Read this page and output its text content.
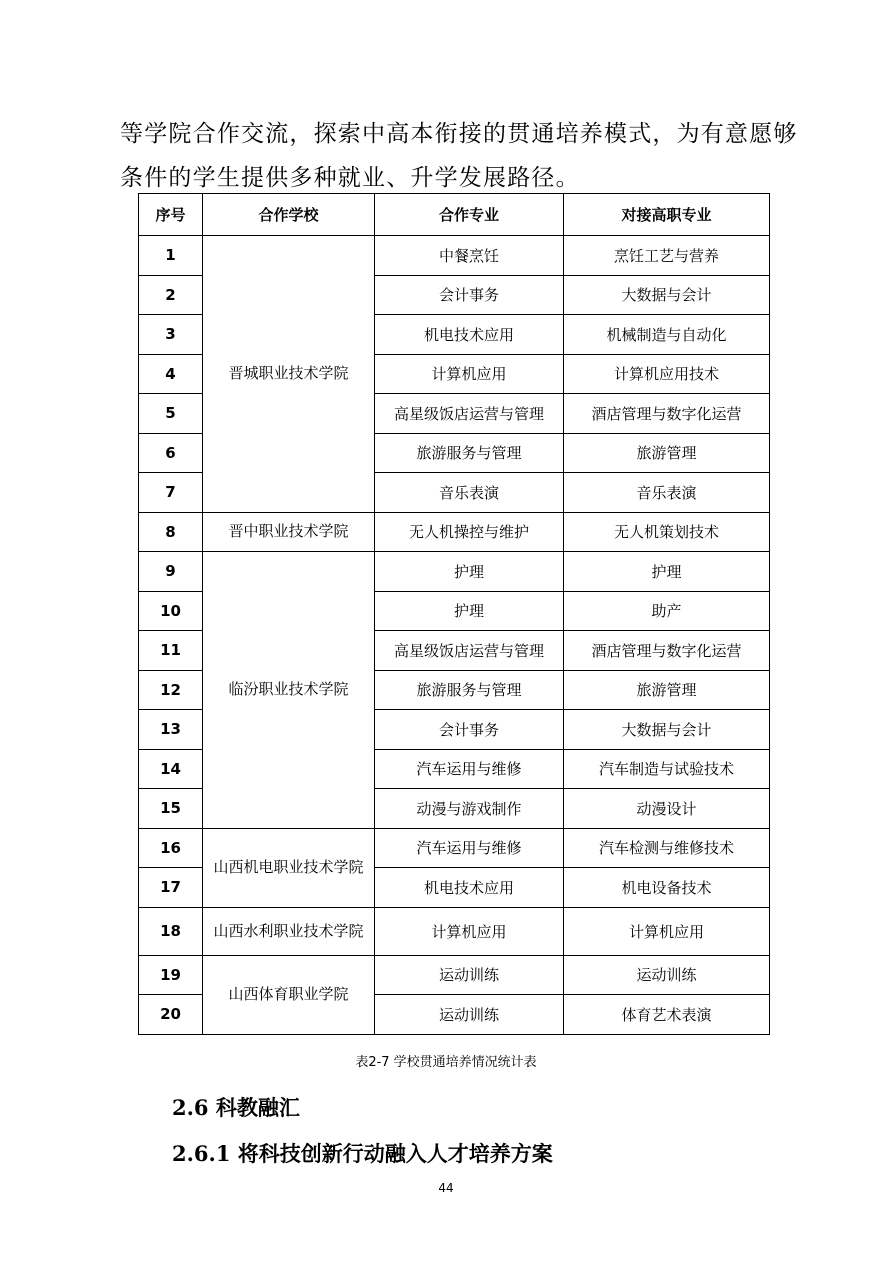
等学院合作交流，探索中高本衔接的贯通培养模式，为有意愿够

条件的学生提供多种就业、升学发展路径。

序号	合作学校	合作专业	对接高职专业
1	晋城职业技术学院	中餐烹饪	烹饪工艺与营养
2		会计事务	大数据与会计
3		机电技术应用	机械制造与自动化
4		计算机应用	计算机应用技术
5		高星级饭店运营与管理	酒店管理与数字化运营
6		旅游服务与管理	旅游管理
7		音乐表演	音乐表演
8	晋中职业技术学院	无人机操控与维护	无人机策划技术
9	临汾职业技术学院	护理	护理
10		护理	助产
11		高星级饭店运营与管理	酒店管理与数字化运营
12		旅游服务与管理	旅游管理
13		会计事务	大数据与会计
14		汽车运用与维修	汽车制造与试验技术
15		动漫与游戏制作	动漫设计
16	山西机电职业技术学院	汽车运用与维修	汽车检测与维修技术
17		机电技术应用	机电设备技术
18	山西水利职业技术学院	计算机应用	计算机应用
19	山西体育职业学院	运动训练	运动训练
20		运动训练	体育艺术表演
表2-7 学校贯通培养情况统计表
2.6 科教融汇
2.6.1 将科技创新行动融入人才培养方案
44
